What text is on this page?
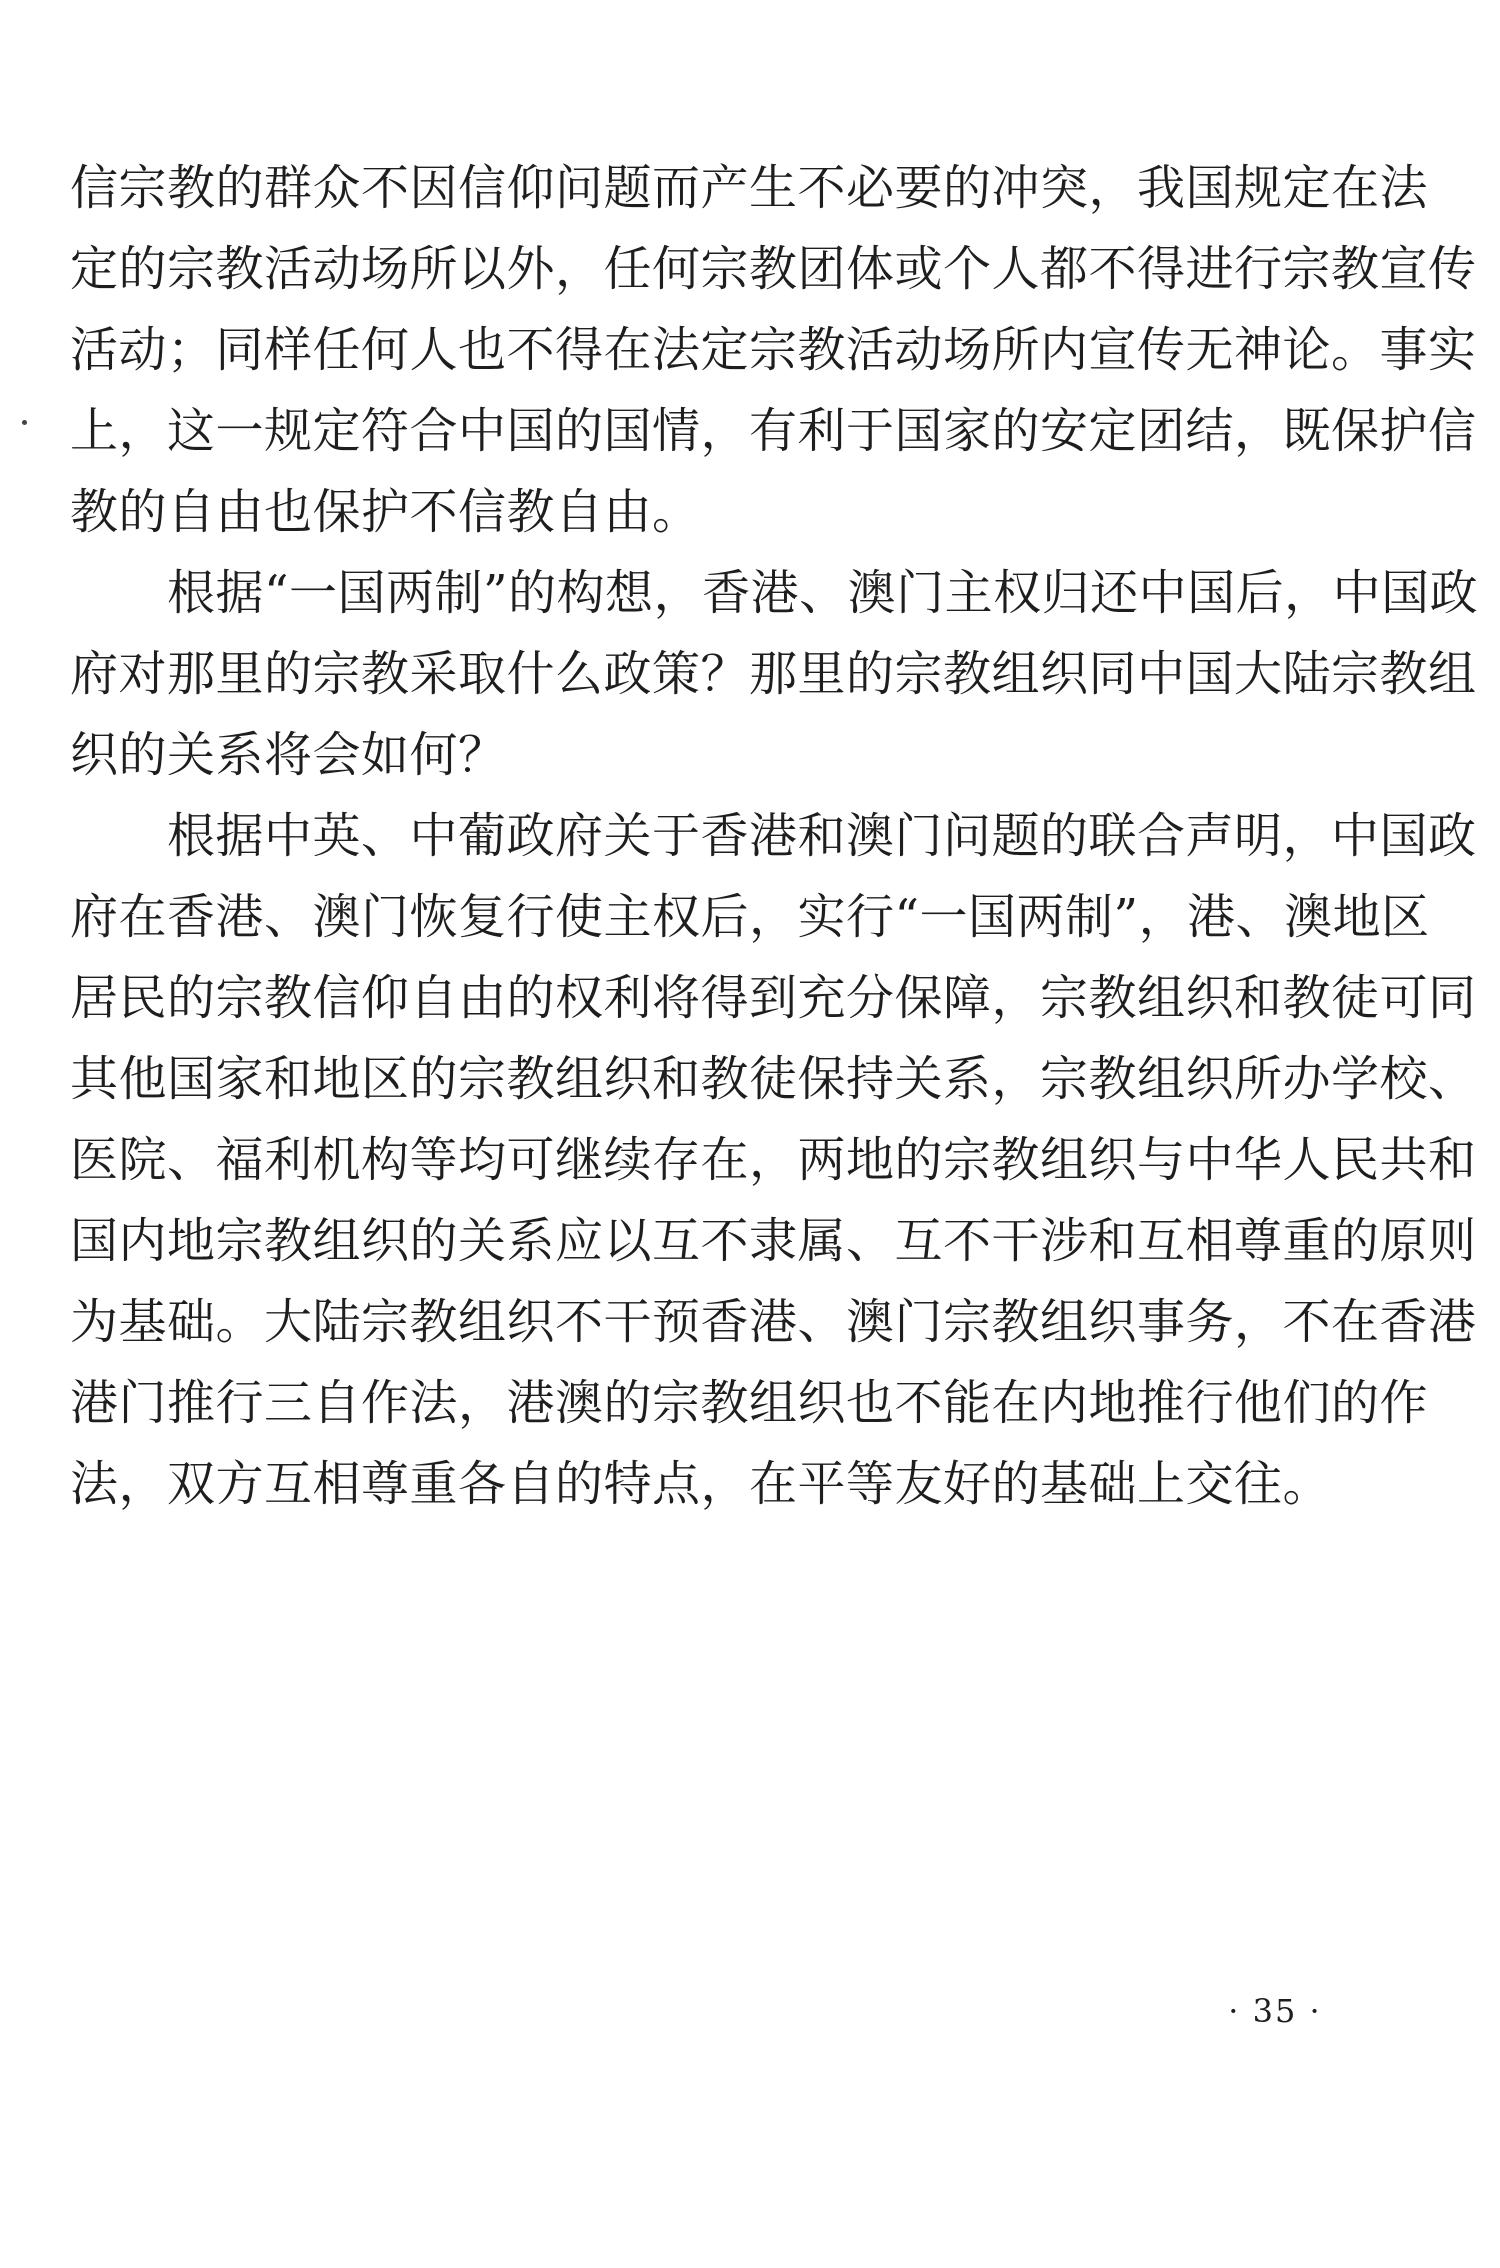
信宗教的群众不因信仰问题而产生不必要的冲突，我国规定在法
定的宗教活动场所以外，任何宗教团体或个人都不得进行宗教宣传
活动；同样任何人也不得在法定宗教活动场所内宣传无神论。事实
上，这一规定符合中国的国情，有利于国家的安定团结，既保护信
教的自由也保护不信教自由。
　　根据“一国两制”的构想，香港、澳门主权归还中国后，中国政
府对那里的宗教采取什么政策？那里的宗教组织同中国大陆宗教组
织的关系将会如何？
　　根据中英、中葡政府关于香港和澳门问题的联合声明，中国政
府在香港、澳门恢复行使主权后，实行“一国两制”，港、澳地区
居民的宗教信仰自由的权利将得到充分保障，宗教组织和教徒可同
其他国家和地区的宗教组织和教徒保持关系，宗教组织所办学校、
医院、福利机构等均可继续存在，两地的宗教组织与中华人民共和
国内地宗教组织的关系应以互不隶属、互不干涉和互相尊重的原则
为基础。大陆宗教组织不干预香港、澳门宗教组织事务，不在香港
港门推行三自作法，港澳的宗教组织也不能在内地推行他们的作
法，双方互相尊重各自的特点，在平等友好的基础上交往。
· 35 ·
